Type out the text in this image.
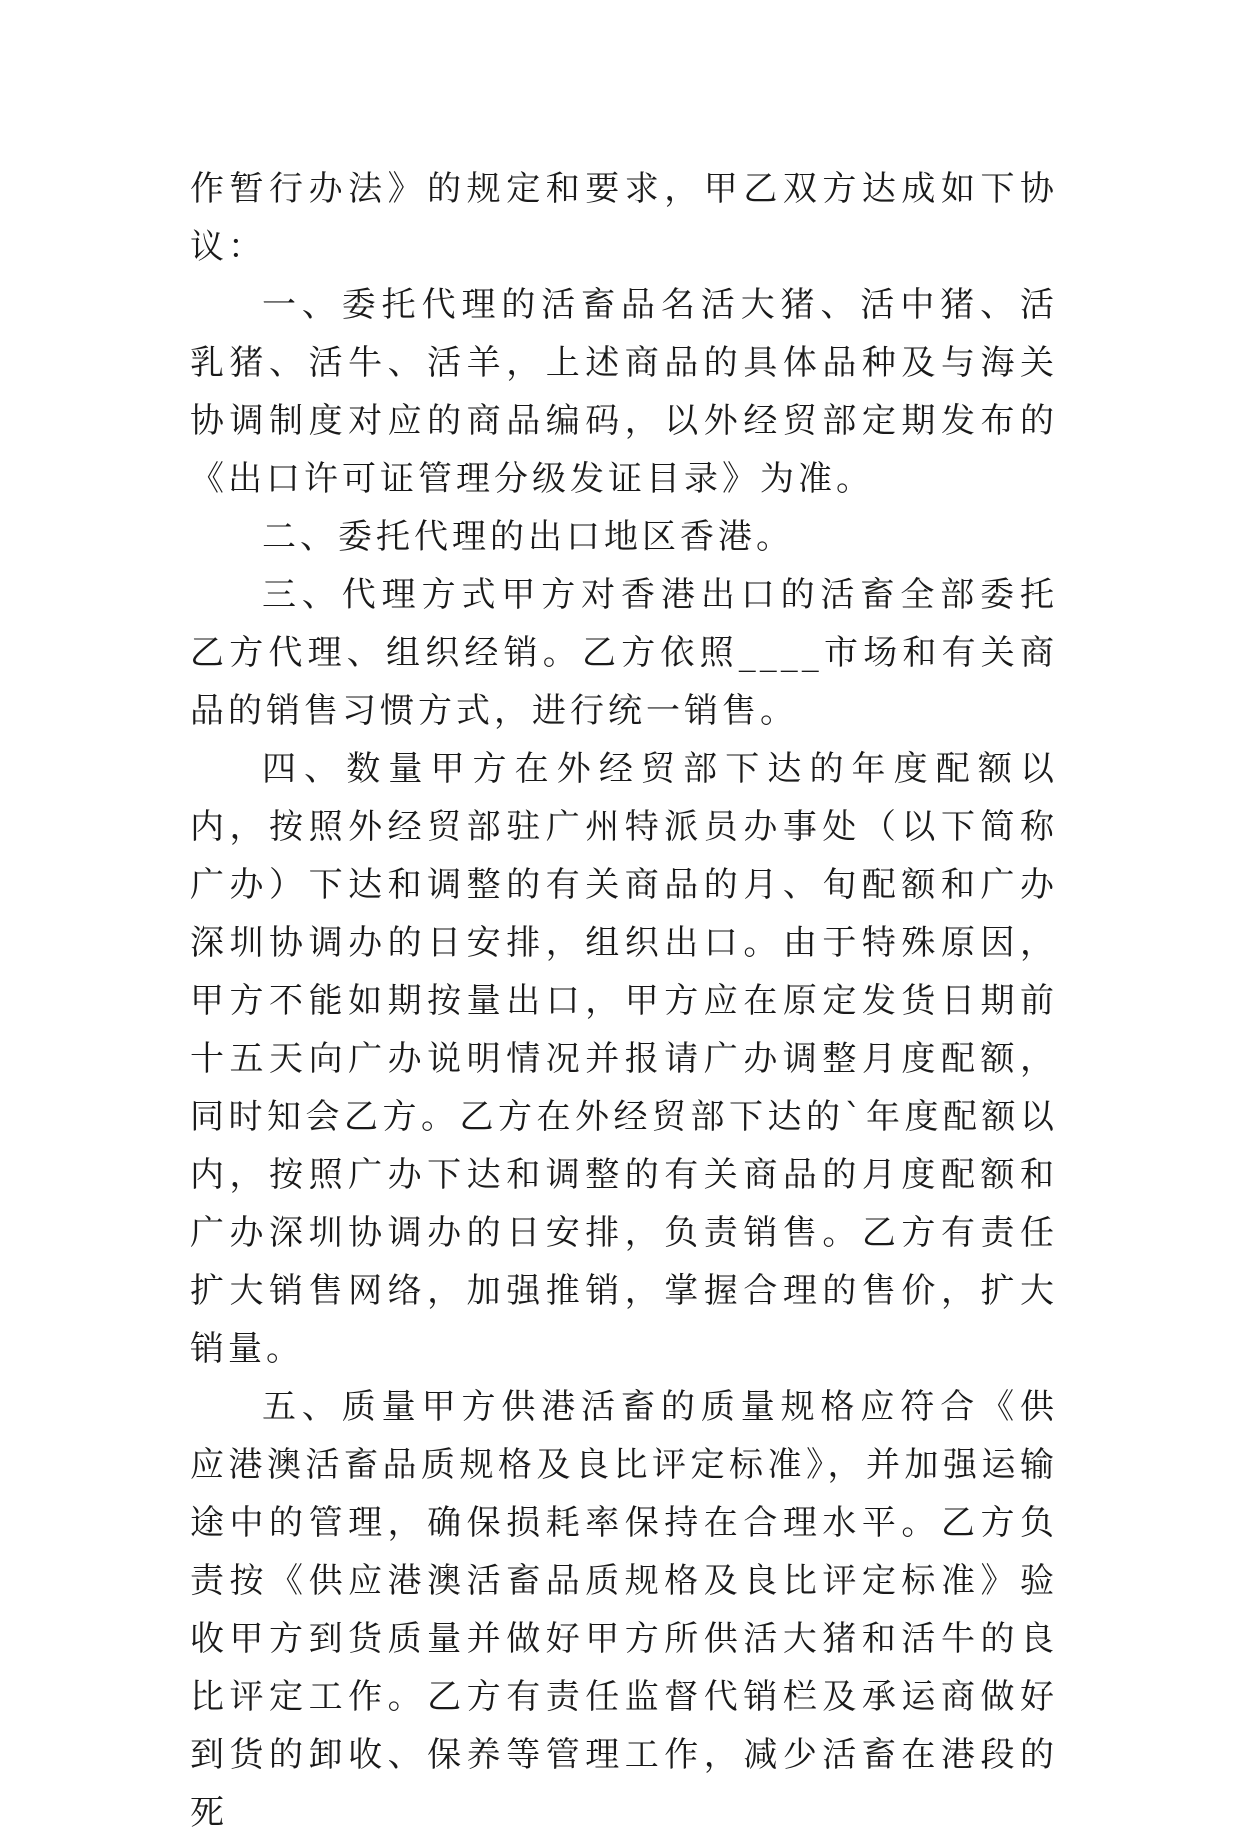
作暂行办法》的规定和要求，甲乙双方达成如下协议：

一、委托代理的活畜品名活大猪、活中猪、活乳猪、活牛、活羊，上述商品的具体品种及与海关协调制度对应的商品编码，以外经贸部定期发布的《出口许可证管理分级发证目录》为准。

二、委托代理的出口地区香港。

三、代理方式甲方对香港出口的活畜全部委托乙方代理、组织经销。乙方依照____市场和有关商品的销售习惯方式，进行统一销售。

四、数量甲方在外经贸部下达的年度配额以内，按照外经贸部驻广州特派员办事处（以下简称广办）下达和调整的有关商品的月、旬配额和广办深圳协调办的日安排，组织出口。由于特殊原因，甲方不能如期按量出口，甲方应在原定发货日期前十五天向广办说明情况并报请广办调整月度配额，同时知会乙方。乙方在外经贸部下达的`年度配额以内，按照广办下达和调整的有关商品的月度配额和广办深圳协调办的日安排，负责销售。乙方有责任扩大销售网络，加强推销，掌握合理的售价，扩大销量。

五、质量甲方供港活畜的质量规格应符合《供应港澳活畜品质规格及良比评定标准》，并加强运输途中的管理，确保损耗率保持在合理水平。乙方负责按《供应港澳活畜品质规格及良比评定标准》验收甲方到货质量并做好甲方所供活大猪和活牛的良比评定工作。乙方有责任监督代销栏及承运商做好到货的卸收、保养等管理工作，减少活畜在港段的死
